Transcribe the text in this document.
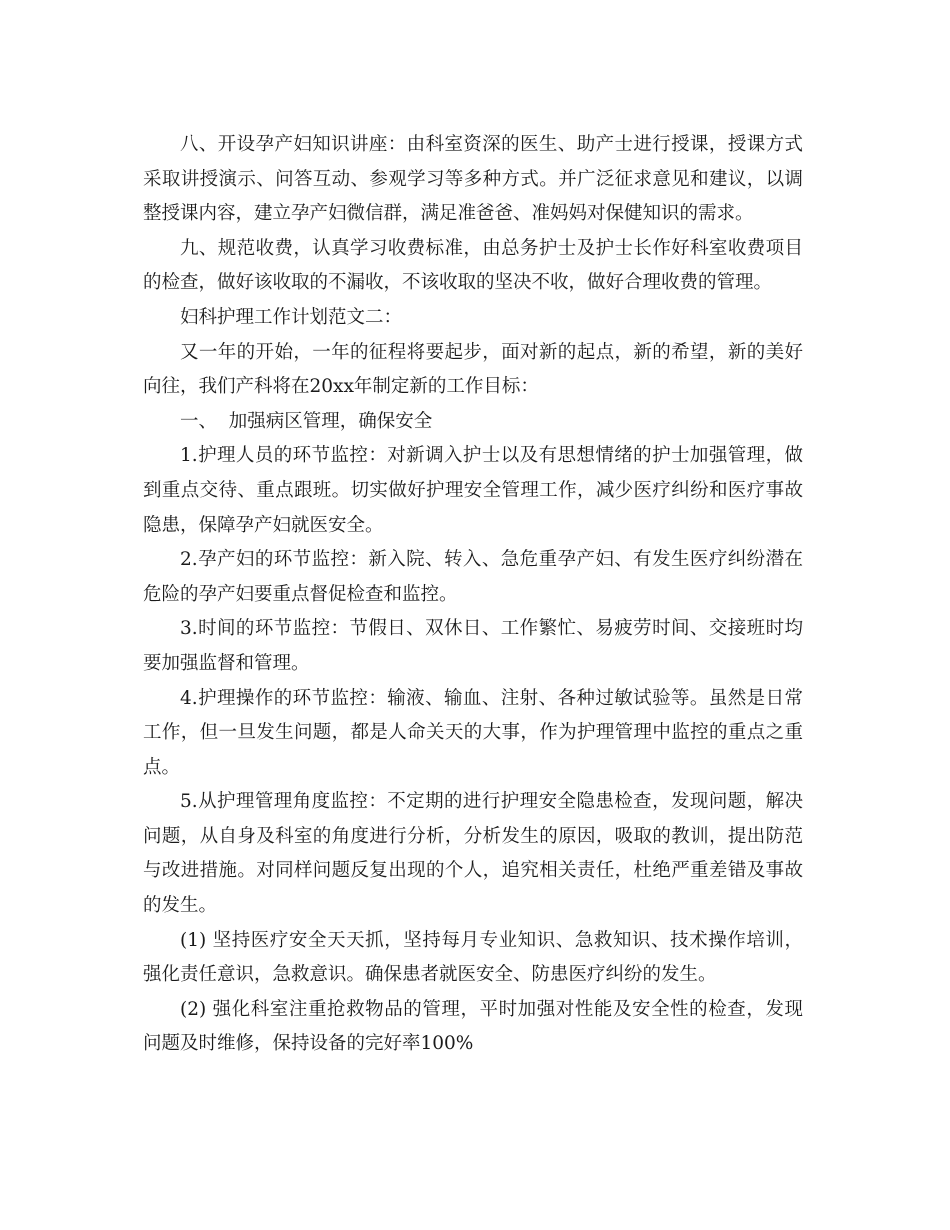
八、开设孕产妇知识讲座：由科室资深的医生、助产士进行授课，授课方式采取讲授演示、问答互动、参观学习等多种方式。并广泛征求意见和建议，以调整授课内容，建立孕产妇微信群，满足准爸爸、准妈妈对保健知识的需求。

九、规范收费，认真学习收费标准，由总务护士及护士长作好科室收费项目的检查，做好该收取的不漏收，不该收取的坚决不收，做好合理收费的管理。

妇科护理工作计划范文二：

又一年的开始，一年的征程将要起步，面对新的起点，新的希望，新的美好向往，我们产科将在20xx年制定新的工作目标：

一、  加强病区管理，确保安全

1.护理人员的环节监控：对新调入护士以及有思想情绪的护士加强管理，做到重点交待、重点跟班。切实做好护理安全管理工作，减少医疗纠纷和医疗事故隐患，保障孕产妇就医安全。

2.孕产妇的环节监控：新入院、转入、急危重孕产妇、有发生医疗纠纷潜在危险的孕产妇要重点督促检查和监控。

3.时间的环节监控：节假日、双休日、工作繁忙、易疲劳时间、交接班时均要加强监督和管理。

4.护理操作的环节监控：输液、输血、注射、各种过敏试验等。虽然是日常工作，但一旦发生问题，都是人命关天的大事，作为护理管理中监控的重点之重点。

5.从护理管理角度监控：不定期的进行护理安全隐患检查，发现问题，解决问题，从自身及科室的角度进行分析，分析发生的原因，吸取的教训，提出防范与改进措施。对同样问题反复出现的个人，追究相关责任，杜绝严重差错及事故的发生。

(1) 坚持医疗安全天天抓，坚持每月专业知识、急救知识、技术操作培训，强化责任意识，急救意识。确保患者就医安全、防患医疗纠纷的发生。

(2) 强化科室注重抢救物品的管理，平时加强对性能及安全性的检查，发现问题及时维修，保持设备的完好率100%
